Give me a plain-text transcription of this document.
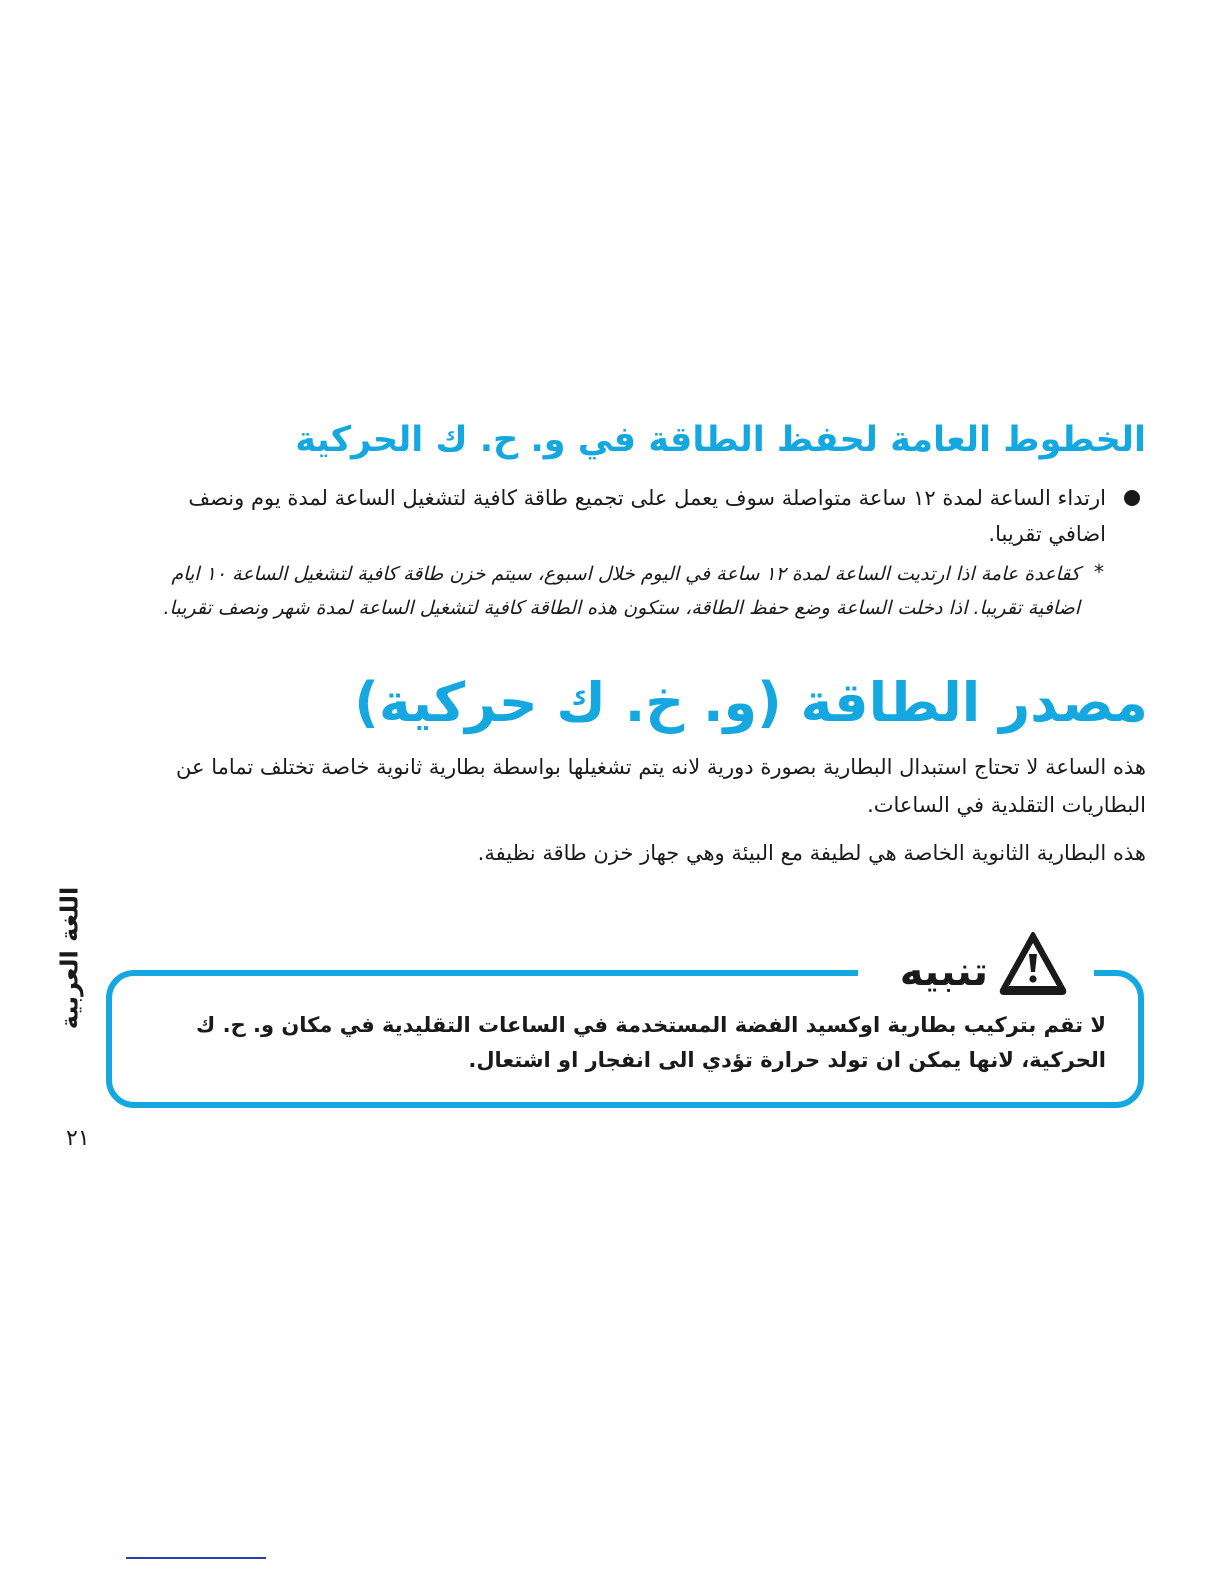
الخطوط العامة لحفظ الطاقة في و. ح. ك الحركية

ارتداء الساعة لمدة ١٢ ساعة متواصلة سوف يعمل على تجميع طاقة كافية لتشغيل الساعة لمدة يوم ونصف اضافي تقريبا.

*

كقاعدة عامة اذا ارتديت الساعة لمدة ١٢ ساعة في اليوم خلال اسبوع، سيتم خزن طاقة كافية لتشغيل الساعة ١٠ ايام اضافية تقريبا. اذا دخلت الساعة وضع حفظ الطاقة، ستكون هذه الطاقة كافية لتشغيل الساعة لمدة شهر ونصف تقريبا.

مصدر الطاقة (و. خ. ك حركية)

هذه الساعة لا تحتاج استبدال البطارية بصورة دورية لانه يتم تشغيلها بواسطة بطارية ثانوية خاصة تختلف تماما عن البطاريات التقلدية في الساعات.

هذه البطارية الثانوية الخاصة هي لطيفة مع البيئة وهي جهاز خزن طاقة نظيفة.

اللغة العربية	تنبيه

لا تقم بتركيب بطارية اوكسيد الفضة المستخدمة في الساعات التقليدية في مكان و. ح. ك الحركية، لانها يمكن ان تولد حرارة تؤدي الى انفجار او اشتعال.

٢١
